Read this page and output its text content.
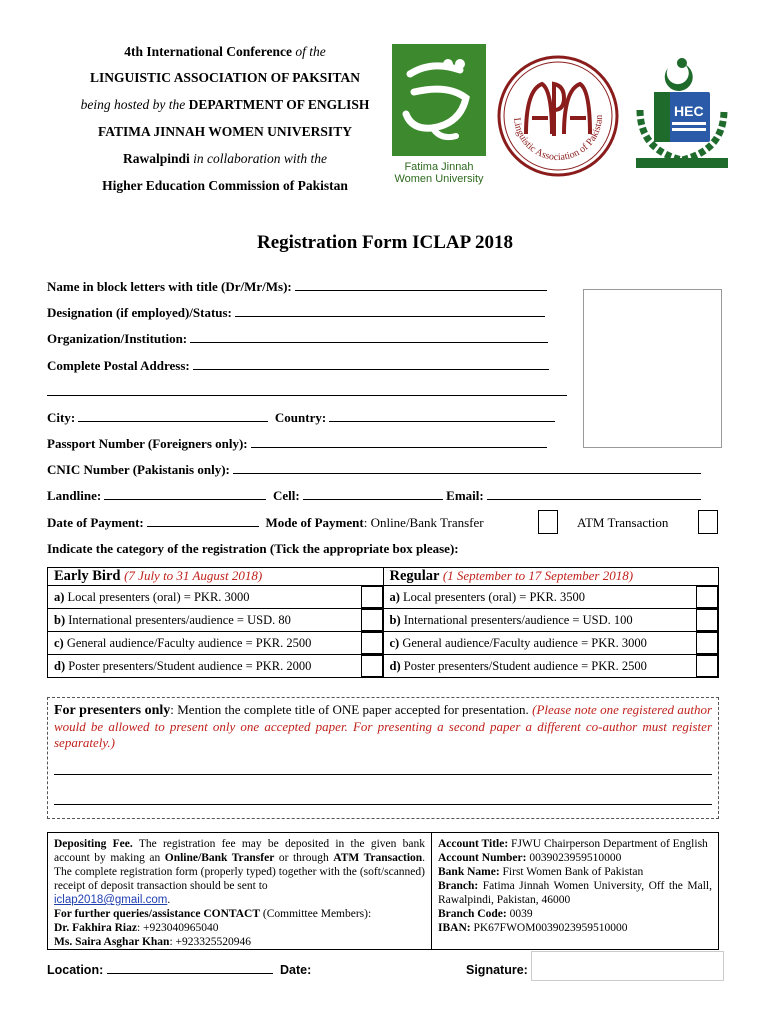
4th International Conference of the
LINGUISTIC ASSOCIATION OF PAKSITAN
being hosted by the DEPARTMENT OF ENGLISH
FATIMA JINNAH WOMEN UNIVERSITY
Rawalpindi in collaboration with the
Higher Education Commission of Pakistan
Fatima Jinnah
Women University
Linguistic Association of Pakistan	HEC
Registration Form ICLAP 2018
Name in block letters with title (Dr/Mr/Ms):
Designation (if employed)/Status:
Organization/Institution:
Complete Postal Address:
City:	Country:
Passport Number (Foreigners only):
CNIC Number (Pakistanis only):
Landline:	Cell:	Email:
Date of Payment:	Mode of Payment: Online/Bank Transfer	ATM Transaction
Indicate the category of the registration (Tick the appropriate box please):
Early Bird (7 July to 31 August 2018)		Regular (1 September to 17 September 2018)	
a) Local presenters (oral) = PKR. 3000		a) Local presenters (oral) = PKR. 3500	

b) International presenters/audience = USD. 80		b) International presenters/audience = USD. 100	

c) General audience/Faculty audience = PKR. 2500		c) General audience/Faculty audience = PKR. 3000	

d) Poster presenters/Student audience = PKR. 2000		d) Poster presenters/Student audience = PKR. 2500	
For presenters only: Mention the complete title of ONE paper accepted for presentation. (Please note one registered author would be allowed to present only one accepted paper. For presenting a second paper a different co-author must register separately.)
Depositing Fee. The registration fee may be deposited in the given bank account by making an Online/Bank Transfer or through ATM Transaction. The complete registration form (properly typed) together with the (soft/scanned) receipt of deposit transaction should be sent to
iclap2018@gmail.com.
For further queries/assistance CONTACT (Committee Members):
Dr. Fakhira Riaz: +923040965040
Ms. Saira Asghar Khan: +923325520946
Account Title: FJWU Chairperson Department of English
Account Number: 0039023959510000
Bank Name: First Women Bank of Pakistan
Branch: Fatima Jinnah Women University, Off the Mall, Rawalpindi, Pakistan, 46000
Branch Code: 0039
IBAN: PK67FWOM0039023959510000
Location:	Date:	Signature:
